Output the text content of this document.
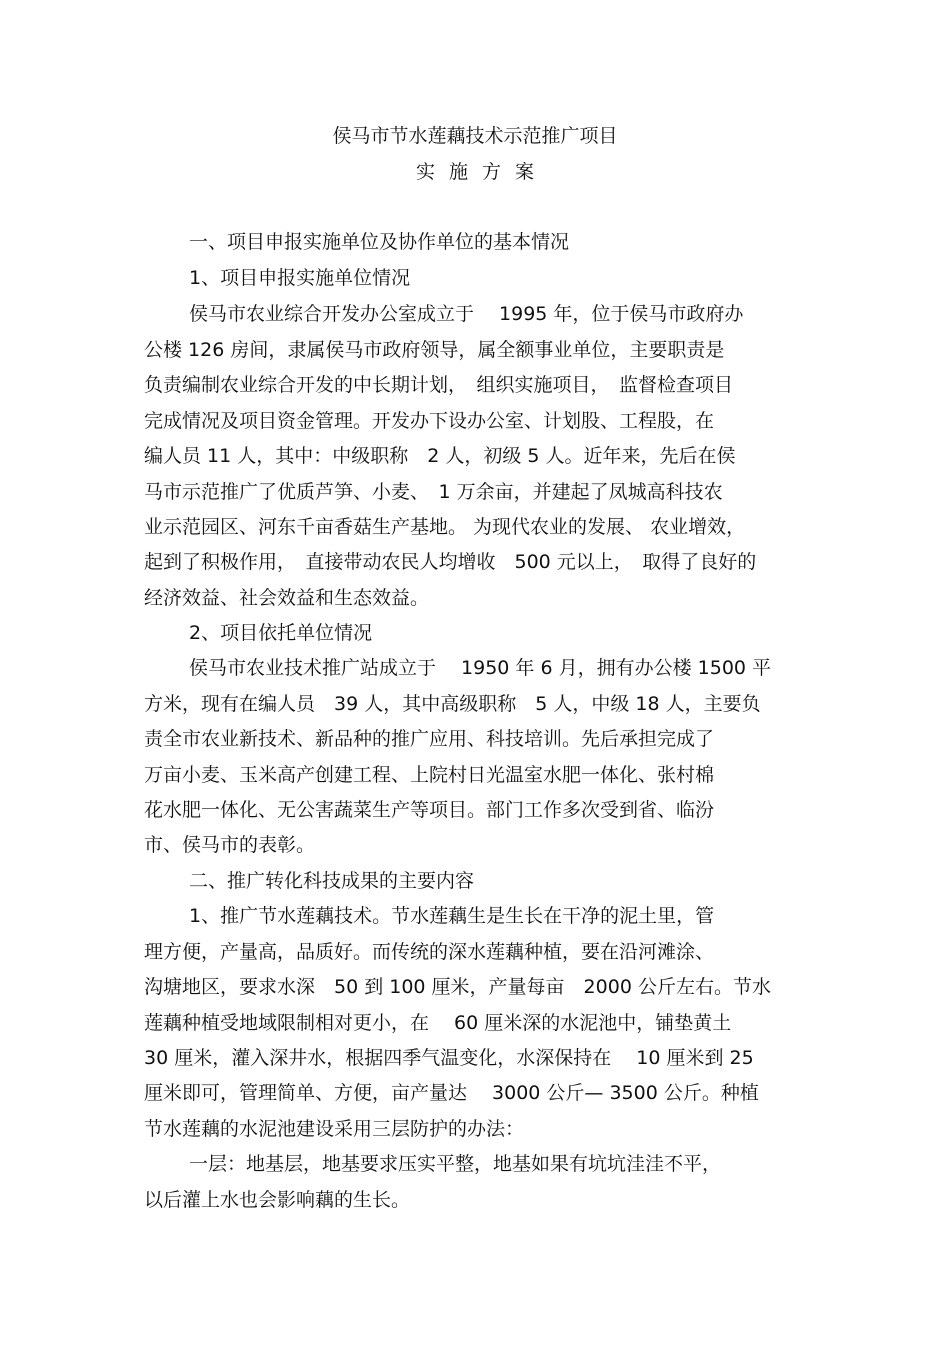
侯马市节水莲藕技术示范推广项目
实施方案
一、项目申报实施单位及协作单位的基本情况
1、项目申报实施单位情况
侯马市农业综合开发办公室成立于　 1995 年，位于侯马市政府办
公楼 126 房间，隶属侯马市政府领导，属全额事业单位，主要职责是
负责编制农业综合开发的中长期计划，　组织实施项目，　监督检查项目
完成情况及项目资金管理。开发办下设办公室、计划股、工程股，在
编人员 11 人，其中：中级职称　2 人，初级 5 人。近年来，先后在侯
马市示范推广了优质芦笋、小麦、　1 万余亩，并建起了凤城高科技农
业示范园区、河东千亩香菇生产基地。 为现代农业的发展、 农业增效，
起到了积极作用，　直接带动农民人均增收　500 元以上，　取得了良好的
经济效益、社会效益和生态效益。
2、项目依托单位情况
侯马市农业技术推广站成立于　 1950 年 6 月，拥有办公楼 1500 平
方米，现有在编人员　39 人，其中高级职称　5 人，中级 18 人，主要负
责全市农业新技术、新品种的推广应用、科技培训。先后承担完成了
万亩小麦、玉米高产创建工程、上院村日光温室水肥一体化、张村棉
花水肥一体化、无公害蔬菜生产等项目。部门工作多次受到省、临汾
市、侯马市的表彰。
二、推广转化科技成果的主要内容
1、推广节水莲藕技术。节水莲藕生是生长在干净的泥土里，管
理方便，产量高，品质好。而传统的深水莲藕种植，要在沿河滩涂、
沟塘地区，要求水深　50 到 100 厘米，产量每亩　2000 公斤左右。节水
莲藕种植受地域限制相对更小，在　 60 厘米深的水泥池中，铺垫黄土
30 厘米，灌入深井水，根据四季气温变化，水深保持在　 10 厘米到 25
厘米即可，管理简单、方便，亩产量达　 3000 公斤— 3500 公斤。种植
节水莲藕的水泥池建设采用三层防护的办法：
一层：地基层，地基要求压实平整，地基如果有坑坑洼洼不平，
以后灌上水也会影响藕的生长。
